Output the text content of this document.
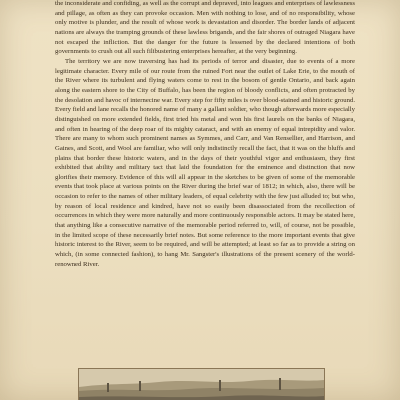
the inconsiderate and confiding, as well as the corrupt and depraved, into leagues and enterprises of lawlessness and pillage, as often as they can provoke occasion. Men with nothing to lose, and of no responsibility, whose only motive is plunder, and the result of whose work is devastation and disorder. The border lands of adjacent nations are always the tramping grounds of these lawless brigands, and the fair shores of outraged Niagara have not escaped the infliction. But the danger for the future is lessened by the declared intentions of both governments to crush out all such filibustering enterprises hereafter, at the very beginning.

The territory we are now traversing has had its periods of terror and disaster, due to events of a more legitimate character. Every mile of our route from the ruined Fort near the outlet of Lake Erie, to the mouth of the River where its turbulent and flying waters come to rest in the bosom of gentle Ontario, and back again along the eastern shore to the City of Buffalo, has been the region of bloody conflicts, and often protracted by the desolation and havoc of internecine war. Every step for fifty miles is over blood-stained and historic ground. Every field and lane recalls the honored name of many a gallant soldier, who though afterwards more especially distinguished on more extended fields, first tried his metal and won his first laurels on the banks of Niagara, and often in hearing of the deep roar of its mighty cataract, and with an enemy of equal intrepidity and valor. There are many to whom such prominent names as Symmes, and Carr, and Van Rensellier, and Harrison, and Gaines, and Scott, and Wool are familiar, who will only indistinctly recall the fact, that it was on the bluffs and plains that border these historic waters, and in the days of their youthful vigor and enthusiasm, they first exhibited that ability and military tact that laid the foundation for the eminence and distinction that now glorifies their memory. Evidence of this will all appear in the sketches to be given of some of the memorable events that took place at various points on the River during the brief war of 1812; in which, also, there will be occasion to refer to the names of other military leaders, of equal celebrity with the few just alluded to; but who, by reason of local residence and kindred, have not so easily been disassociated from the recollection of occurrences in which they were more naturally and more continuously responsible actors. It may be stated here, that anything like a consecutive narrative of the memorable period referred to, will, of course, not be possible, in the limited scope of these necessarily brief notes. But some reference to the more important events that give historic interest to the River, seem to be required, and will be attempted; at least so far as to provide a string on which, (in some connected fashion), to hang Mr. Sangster's illustrations of the present scenery of the world-renowned River.
